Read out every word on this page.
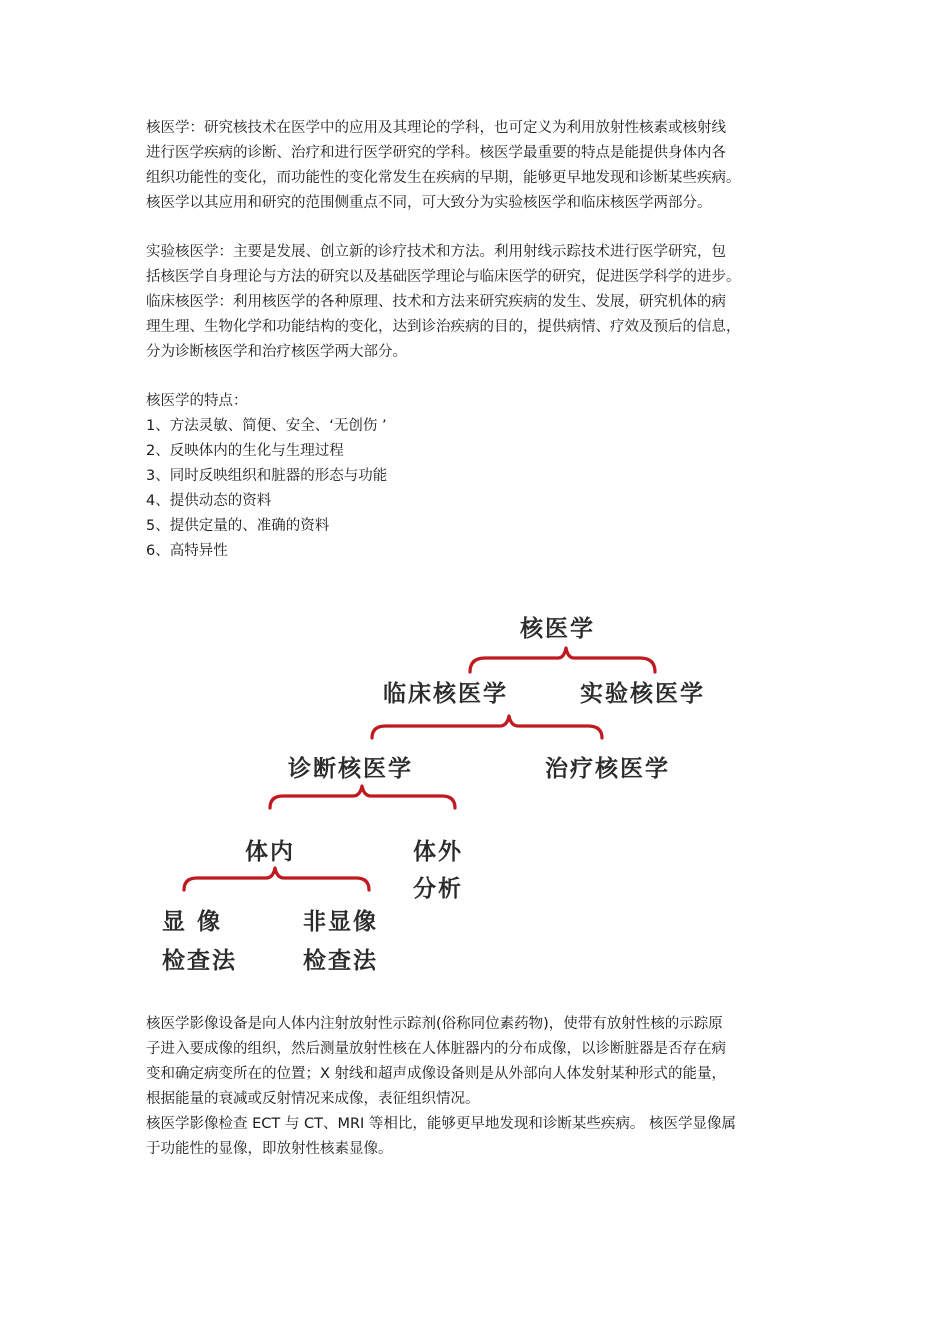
核医学：研究核技术在医学中的应用及其理论的学科，也可定义为利用放射性核素或核射线

进行医学疾病的诊断、治疗和进行医学研究的学科。核医学最重要的特点是能提供身体内各

组织功能性的变化，而功能性的变化常发生在疾病的早期，能够更早地发现和诊断某些疾病。

核医学以其应用和研究的范围侧重点不同，可大致分为实验核医学和临床核医学两部分。

实验核医学：主要是发展、创立新的诊疗技术和方法。利用射线示踪技术进行医学研究，包

括核医学自身理论与方法的研究以及基础医学理论与临床医学的研究，促进医学科学的进步。

临床核医学：利用核医学的各种原理、技术和方法来研究疾病的发生、发展，研究机体的病

理生理、生物化学和功能结构的变化，达到诊治疾病的目的，提供病情、疗效及预后的信息，

分为诊断核医学和治疗核医学两大部分。

核医学的特点：

1、方法灵敏、简便、安全、‘无创伤 ’

2、反映体内的生化与生理过程

3、同时反映组织和脏器的形态与功能

4、提供动态的资料

5、提供定量的、准确的资料

6、高特异性

核医学
临床核医学	实验核医学
诊断核医学	治疗核医学
体内	体外
分析
显 像
检查法
非显像
检查法

核医学影像设备是向人体内注射放射性示踪剂(俗称同位素药物)，使带有放射性核的示踪原

子进入要成像的组织，然后测量放射性核在人体脏器内的分布成像，以诊断脏器是否存在病

变和确定病变所在的位置；X 射线和超声成像设备则是从外部向人体发射某种形式的能量，

根据能量的衰减或反射情况来成像，表征组织情况。

核医学影像检查 ECT 与 CT、MRI 等相比，能够更早地发现和诊断某些疾病。 核医学显像属

于功能性的显像，即放射性核素显像。
